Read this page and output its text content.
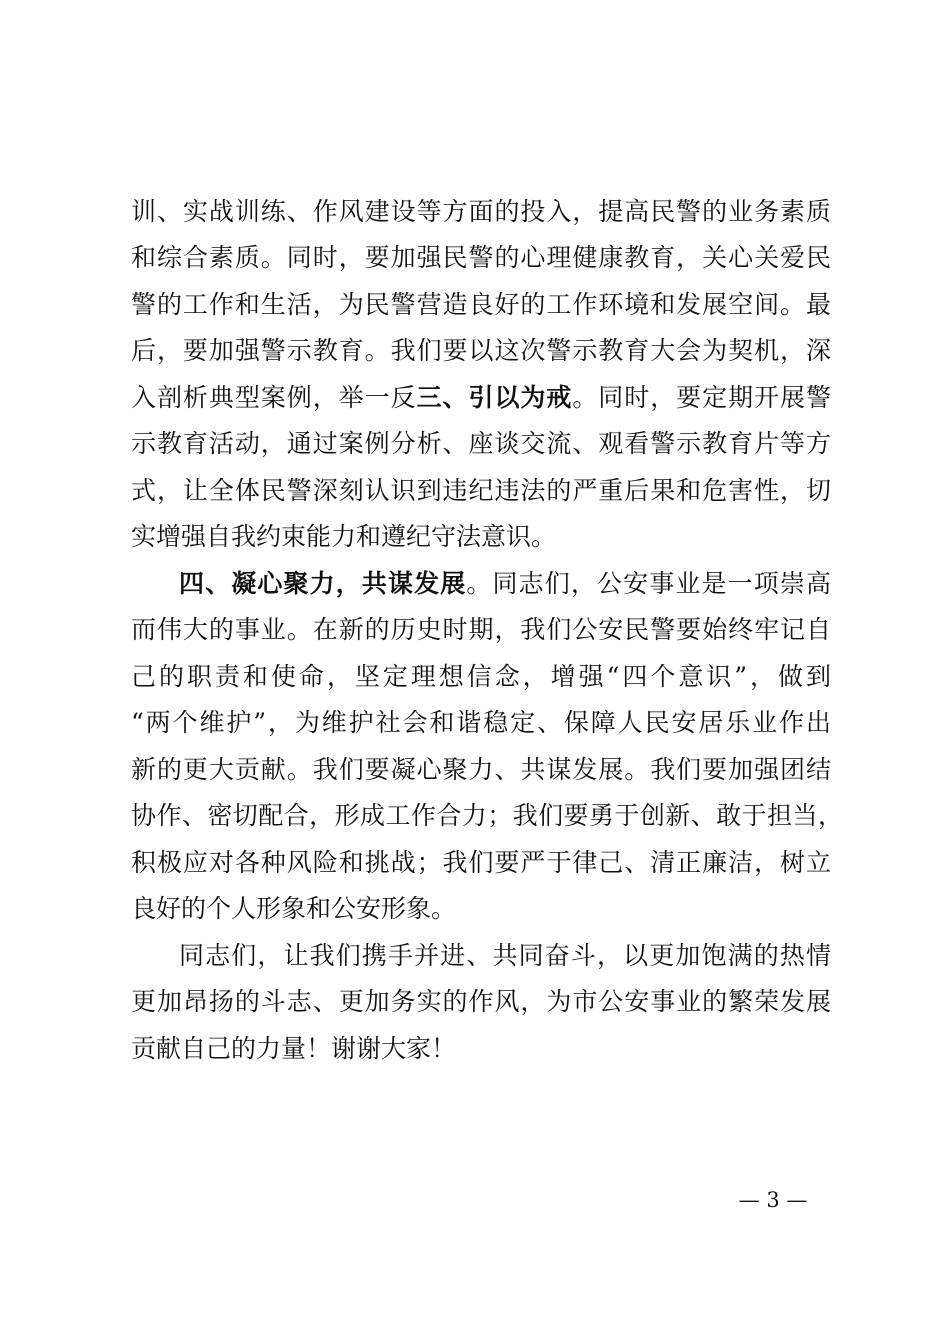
训、实战训练、作风建设等方面的投入，提高民警的业务素质
和综合素质。同时，要加强民警的心理健康教育，关心关爱民
警的工作和生活，为民警营造良好的工作环境和发展空间。最
后，要加强警示教育。我们要以这次警示教育大会为契机，深
入剖析典型案例，举一反三、引以为戒。同时，要定期开展警
示教育活动，通过案例分析、座谈交流、观看警示教育片等方
式，让全体民警深刻认识到违纪违法的严重后果和危害性，切
实增强自我约束能力和遵纪守法意识。
四、凝心聚力，共谋发展。同志们，公安事业是一项崇高
而伟大的事业。在新的历史时期，我们公安民警要始终牢记自
己的职责和使命，坚定理想信念，增强“四个意识”，做到
“两个维护”，为维护社会和谐稳定、保障人民安居乐业作出
新的更大贡献。我们要凝心聚力、共谋发展。我们要加强团结
协作、密切配合，形成工作合力；我们要勇于创新、敢于担当，
积极应对各种风险和挑战；我们要严于律己、清正廉洁，树立
良好的个人形象和公安形象。
同志们，让我们携手并进、共同奋斗，以更加饱满的热情
更加昂扬的斗志、更加务实的作风，为市公安事业的繁荣发展
贡献自己的力量！谢谢大家！
— 3 —
